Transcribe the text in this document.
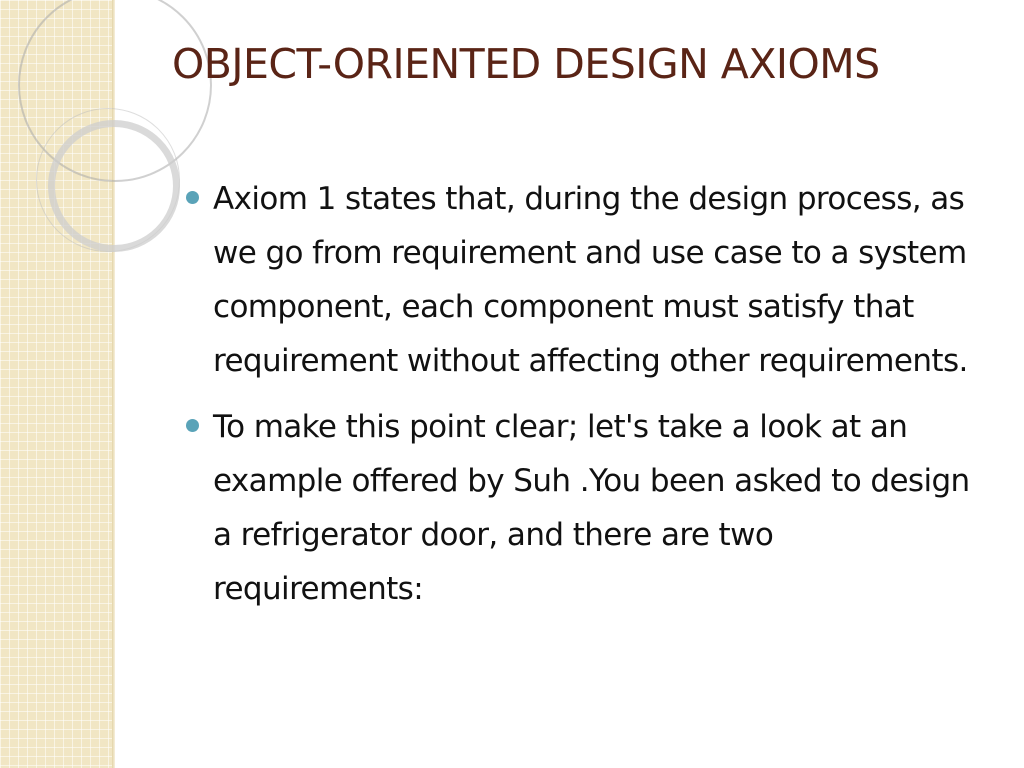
OBJECT-ORIENTED DESIGN AXIOMS
Axiom 1 states that, during the design process, as we go from requirement and use case to a system component, each component must satisfy that requirement without affecting other requirements.
To make this point clear; let's take a look at an example offered by Suh .You been asked to design a refrigerator door, and there are two requirements:
